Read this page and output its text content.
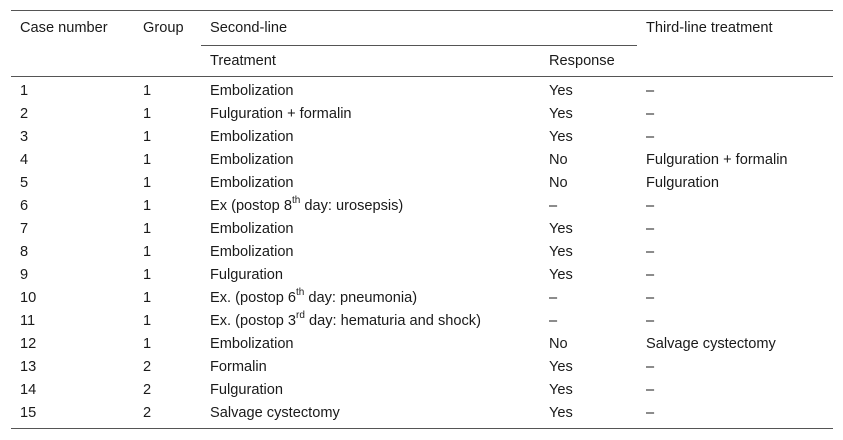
Case number	Group	Second-line		Third-line treatment
		Treatment	Response	
1	1	Embolization	Yes	–
2	1	Fulguration + formalin	Yes	–
3	1	Embolization	Yes	–
4	1	Embolization	No	Fulguration + formalin
5	1	Embolization	No	Fulguration
6	1	Ex (postop 8th day: urosepsis)	–	–
7	1	Embolization	Yes	–
8	1	Embolization	Yes	–
9	1	Fulguration	Yes	–
10	1	Ex. (postop 6th day: pneumonia)	–	–
11	1	Ex. (postop 3rd day: hematuria and shock)	–	–
12	1	Embolization	No	Salvage cystectomy
13	2	Formalin	Yes	–
14	2	Fulguration	Yes	–
15	2	Salvage cystectomy	Yes	–
